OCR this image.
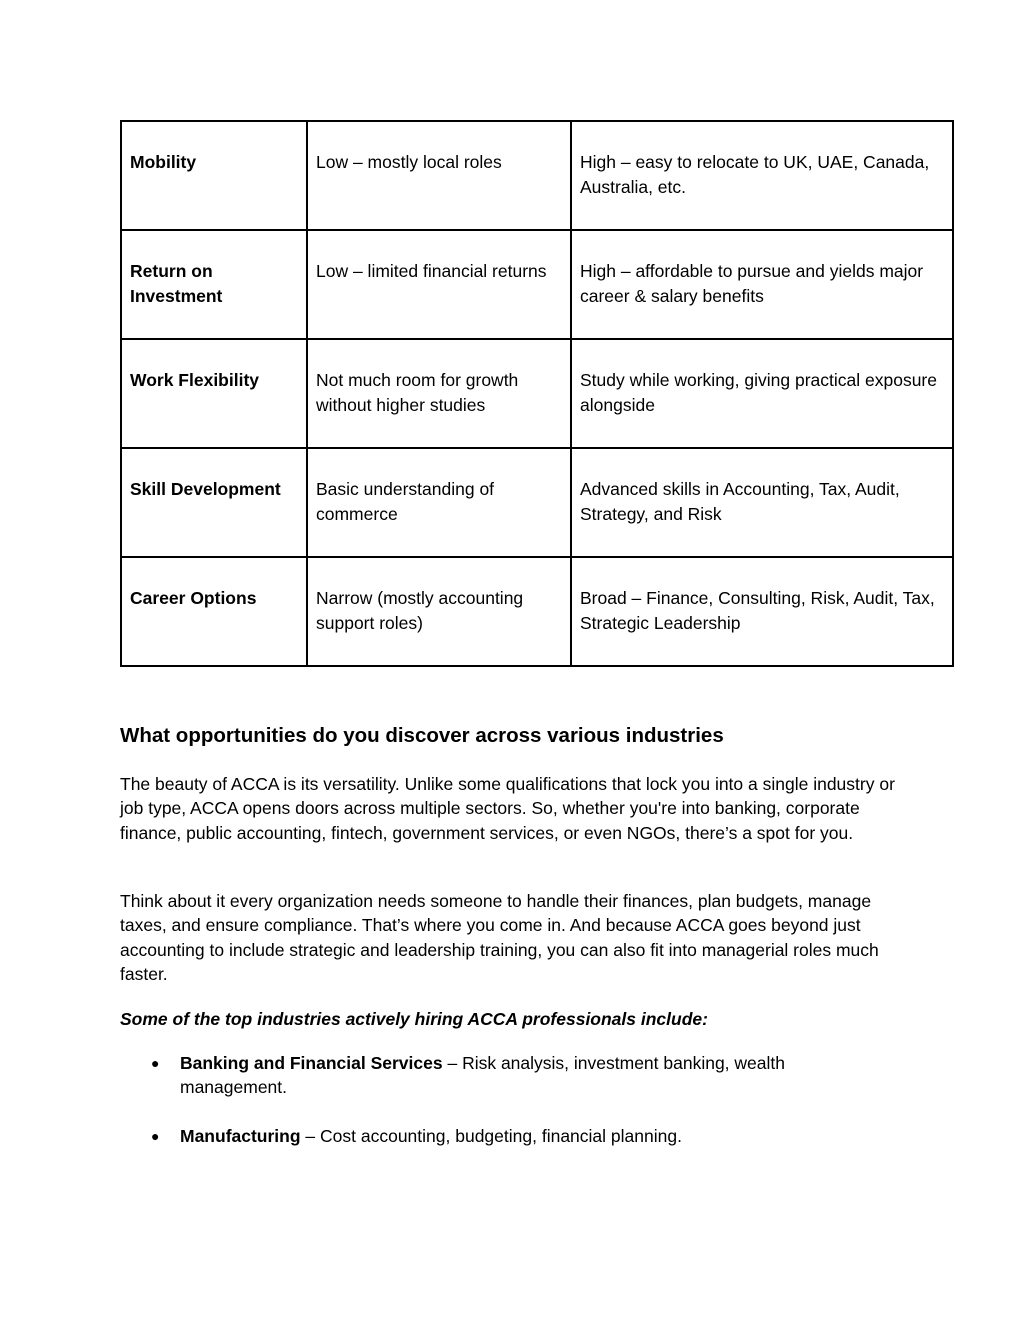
Mobility	Low – mostly local roles	High – easy to relocate to UK, UAE, Canada, Australia, etc.
Return on Investment	Low – limited financial returns	High – affordable to pursue and yields major career & salary benefits
Work Flexibility	Not much room for growth without higher studies	Study while working, giving practical exposure alongside
Skill Development	Basic understanding of commerce	Advanced skills in Accounting, Tax, Audit, Strategy, and Risk
Career Options	Narrow (mostly accounting support roles)	Broad – Finance, Consulting, Risk, Audit, Tax, Strategic Leadership
What opportunities do you discover across various industries

The beauty of ACCA is its versatility. Unlike some qualifications that lock you into a single industry or job type, ACCA opens doors across multiple sectors. So, whether you're into banking, corporate finance, public accounting, fintech, government services, or even NGOs, there’s a spot for you.

Think about it every organization needs someone to handle their finances, plan budgets, manage taxes, and ensure compliance. That’s where you come in. And because ACCA goes beyond just accounting to include strategic and leadership training, you can also fit into managerial roles much faster.

Some of the top industries actively hiring ACCA professionals include:

● Banking and Financial Services – Risk analysis, investment banking, wealth management.
● Manufacturing – Cost accounting, budgeting, financial planning.
